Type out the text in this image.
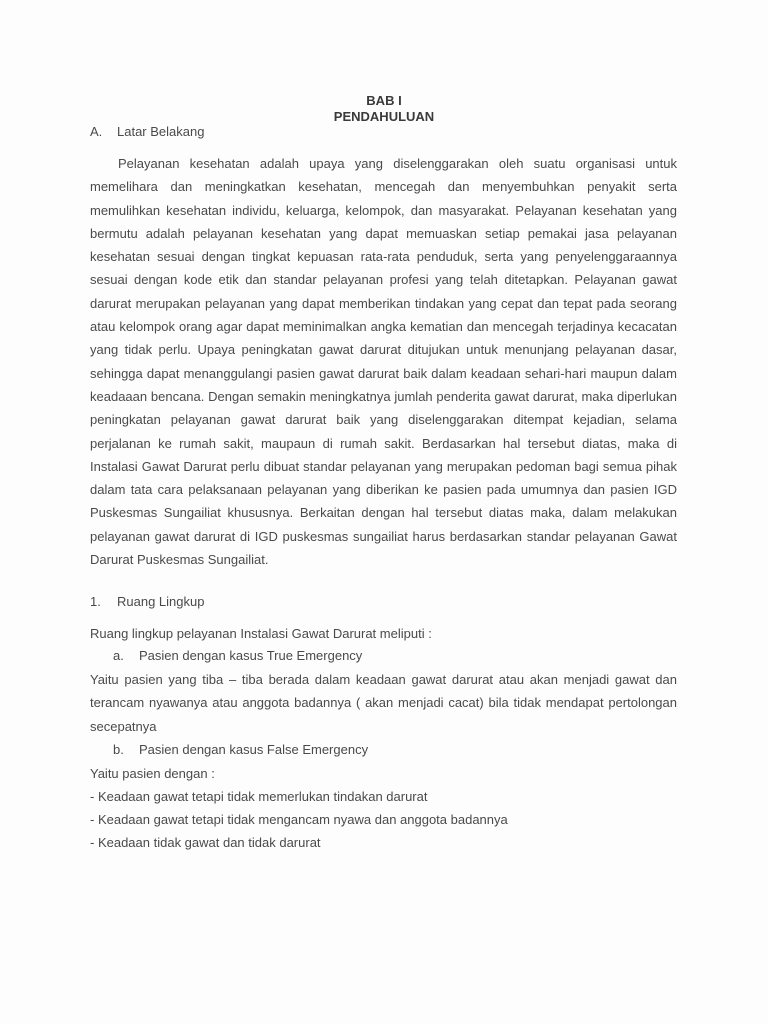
BAB I
PENDAHULUAN
A. Latar Belakang

Pelayanan kesehatan adalah upaya yang diselenggarakan oleh suatu organisasi untuk memelihara dan meningkatkan kesehatan, mencegah dan menyembuhkan penyakit serta memulihkan kesehatan individu, keluarga, kelompok, dan masyarakat. Pelayanan kesehatan yang bermutu adalah pelayanan kesehatan yang dapat memuaskan setiap pemakai jasa pelayanan kesehatan sesuai dengan tingkat kepuasan rata-rata penduduk, serta yang penyelenggaraannya sesuai dengan kode etik dan standar pelayanan profesi yang telah ditetapkan. Pelayanan gawat darurat merupakan pelayanan yang dapat memberikan tindakan yang cepat dan tepat pada seorang atau kelompok orang agar dapat meminimalkan angka kematian dan mencegah terjadinya kecacatan yang tidak perlu. Upaya peningkatan gawat darurat ditujukan untuk menunjang pelayanan dasar, sehingga dapat menanggulangi pasien gawat darurat baik dalam keadaan sehari-hari maupun dalam keadaaan bencana. Dengan semakin meningkatnya jumlah penderita gawat darurat, maka diperlukan peningkatan pelayanan gawat darurat baik yang diselenggarakan ditempat kejadian, selama perjalanan ke rumah sakit, maupaun di rumah sakit. Berdasarkan hal tersebut diatas, maka di Instalasi Gawat Darurat perlu dibuat standar pelayanan yang merupakan pedoman bagi semua pihak dalam tata cara pelaksanaan pelayanan yang diberikan ke pasien pada umumnya dan pasien IGD Puskesmas Sungailiat khususnya. Berkaitan dengan hal tersebut diatas maka, dalam melakukan pelayanan gawat darurat di IGD puskesmas sungailiat harus berdasarkan standar pelayanan Gawat Darurat Puskesmas Sungailiat.

1. Ruang Lingkup

Ruang lingkup pelayanan Instalasi Gawat Darurat meliputi :

a. Pasien dengan kasus True Emergency

Yaitu pasien yang tiba – tiba berada dalam keadaan gawat darurat atau akan menjadi gawat dan terancam nyawanya atau anggota badannya ( akan menjadi cacat) bila tidak mendapat pertolongan secepatnya

b. Pasien dengan kasus False Emergency

Yaitu pasien dengan :

- Keadaan gawat tetapi tidak memerlukan tindakan darurat

- Keadaan gawat tetapi tidak mengancam nyawa dan anggota badannya

- Keadaan tidak gawat dan tidak darurat
